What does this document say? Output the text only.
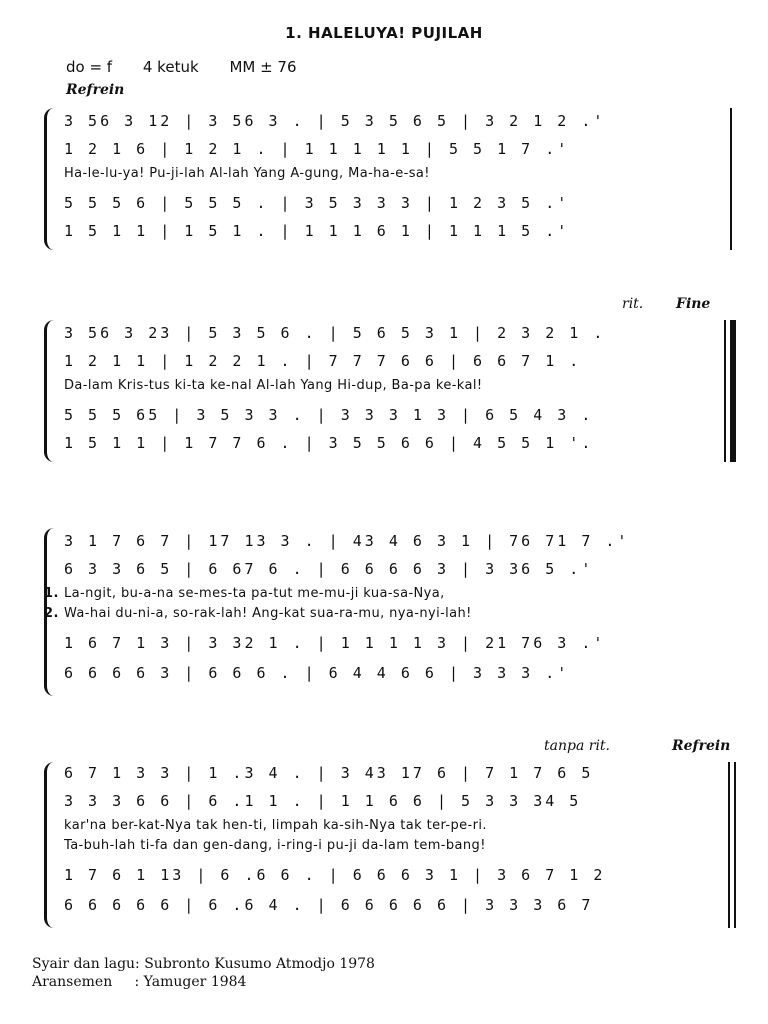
1. HALELUYA! PUJILAH
do = f 4 ketuk MM ± 76
Refrein
3 56 3 12 | 3 56 3 . | 5 3 5 6 5 | 3 2 1 2 .'
1 2 1 6 | 1 2 1 . | 1 1 1 1 1 | 5 5 1 7 .'
Ha-le-lu-ya! Pu-ji-lah Al-lah Yang A-gung, Ma-ha-e-sa!
5 5 5 6 | 5 5 5 . | 3 5 3 3 3 | 1 2 3 5 .'
1 5 1 1 | 1 5 1 . | 1 1 1 6 1 | 1 1 1 5 .'
rit. Fine
3 56 3 23 | 5 3 5 6 . | 5 6 5 3 1 | 2 3 2 1 .
1 2 1 1 | 1 2 2 1 . | 7 7 7 6 6 | 6 6 7 1 .
Da-lam Kris-tus ki-ta ke-nal Al-lah Yang Hi-dup, Ba-pa ke-kal!
5 5 5 65 | 3 5 3 3 . | 3 3 3 1 3 | 6 5 4 3 .
1 5 1 1 | 1 7 7 6 . | 3 5 5 6 6 | 4 5 5 1 '.
3 1 7 6 7 | 17 13 3 . | 43 4 6 3 1 | 76 71 7 .'
6 3 3 6 5 | 6 67 6 . | 6 6 6 6 3 | 3 36 5 .'
1. La-ngit, bu-a-na se-mes-ta pa-tut me-mu-ji kua-sa-Nya,
2. Wa-hai du-ni-a, so-rak-lah! Ang-kat sua-ra-mu, nya-nyi-lah!
1 6 7 1 3 | 3 32 1 . | 1 1 1 1 3 | 21 76 3 .'
6 6 6 6 3 | 6 6 6 . | 6 4 4 6 6 | 3 3 3 .'
tanpa rit.	Refrein
6 7 1 3 3 | 1 .3 4 . | 3 43 17 6 | 7 1 7 6 5
3 3 3 6 6 | 6 .1 1 . | 1 1 6 6 | 5 3 3 34 5
kar'na ber-kat-Nya tak hen-ti, limpah ka-sih-Nya tak ter-pe-ri.
Ta-buh-lah ti-fa dan gen-dang, i-ring-i pu-ji da-lam tem-bang!
1 7 6 1 13 | 6 .6 6 . | 6 6 6 3 1 | 3 6 7 1 2
6 6 6 6 6 | 6 .6 4 . | 6 6 6 6 6 | 3 3 3 6 7
Syair dan lagu: Subronto Kusumo Atmodjo 1978
Aransemen     : Yamuger 1984
